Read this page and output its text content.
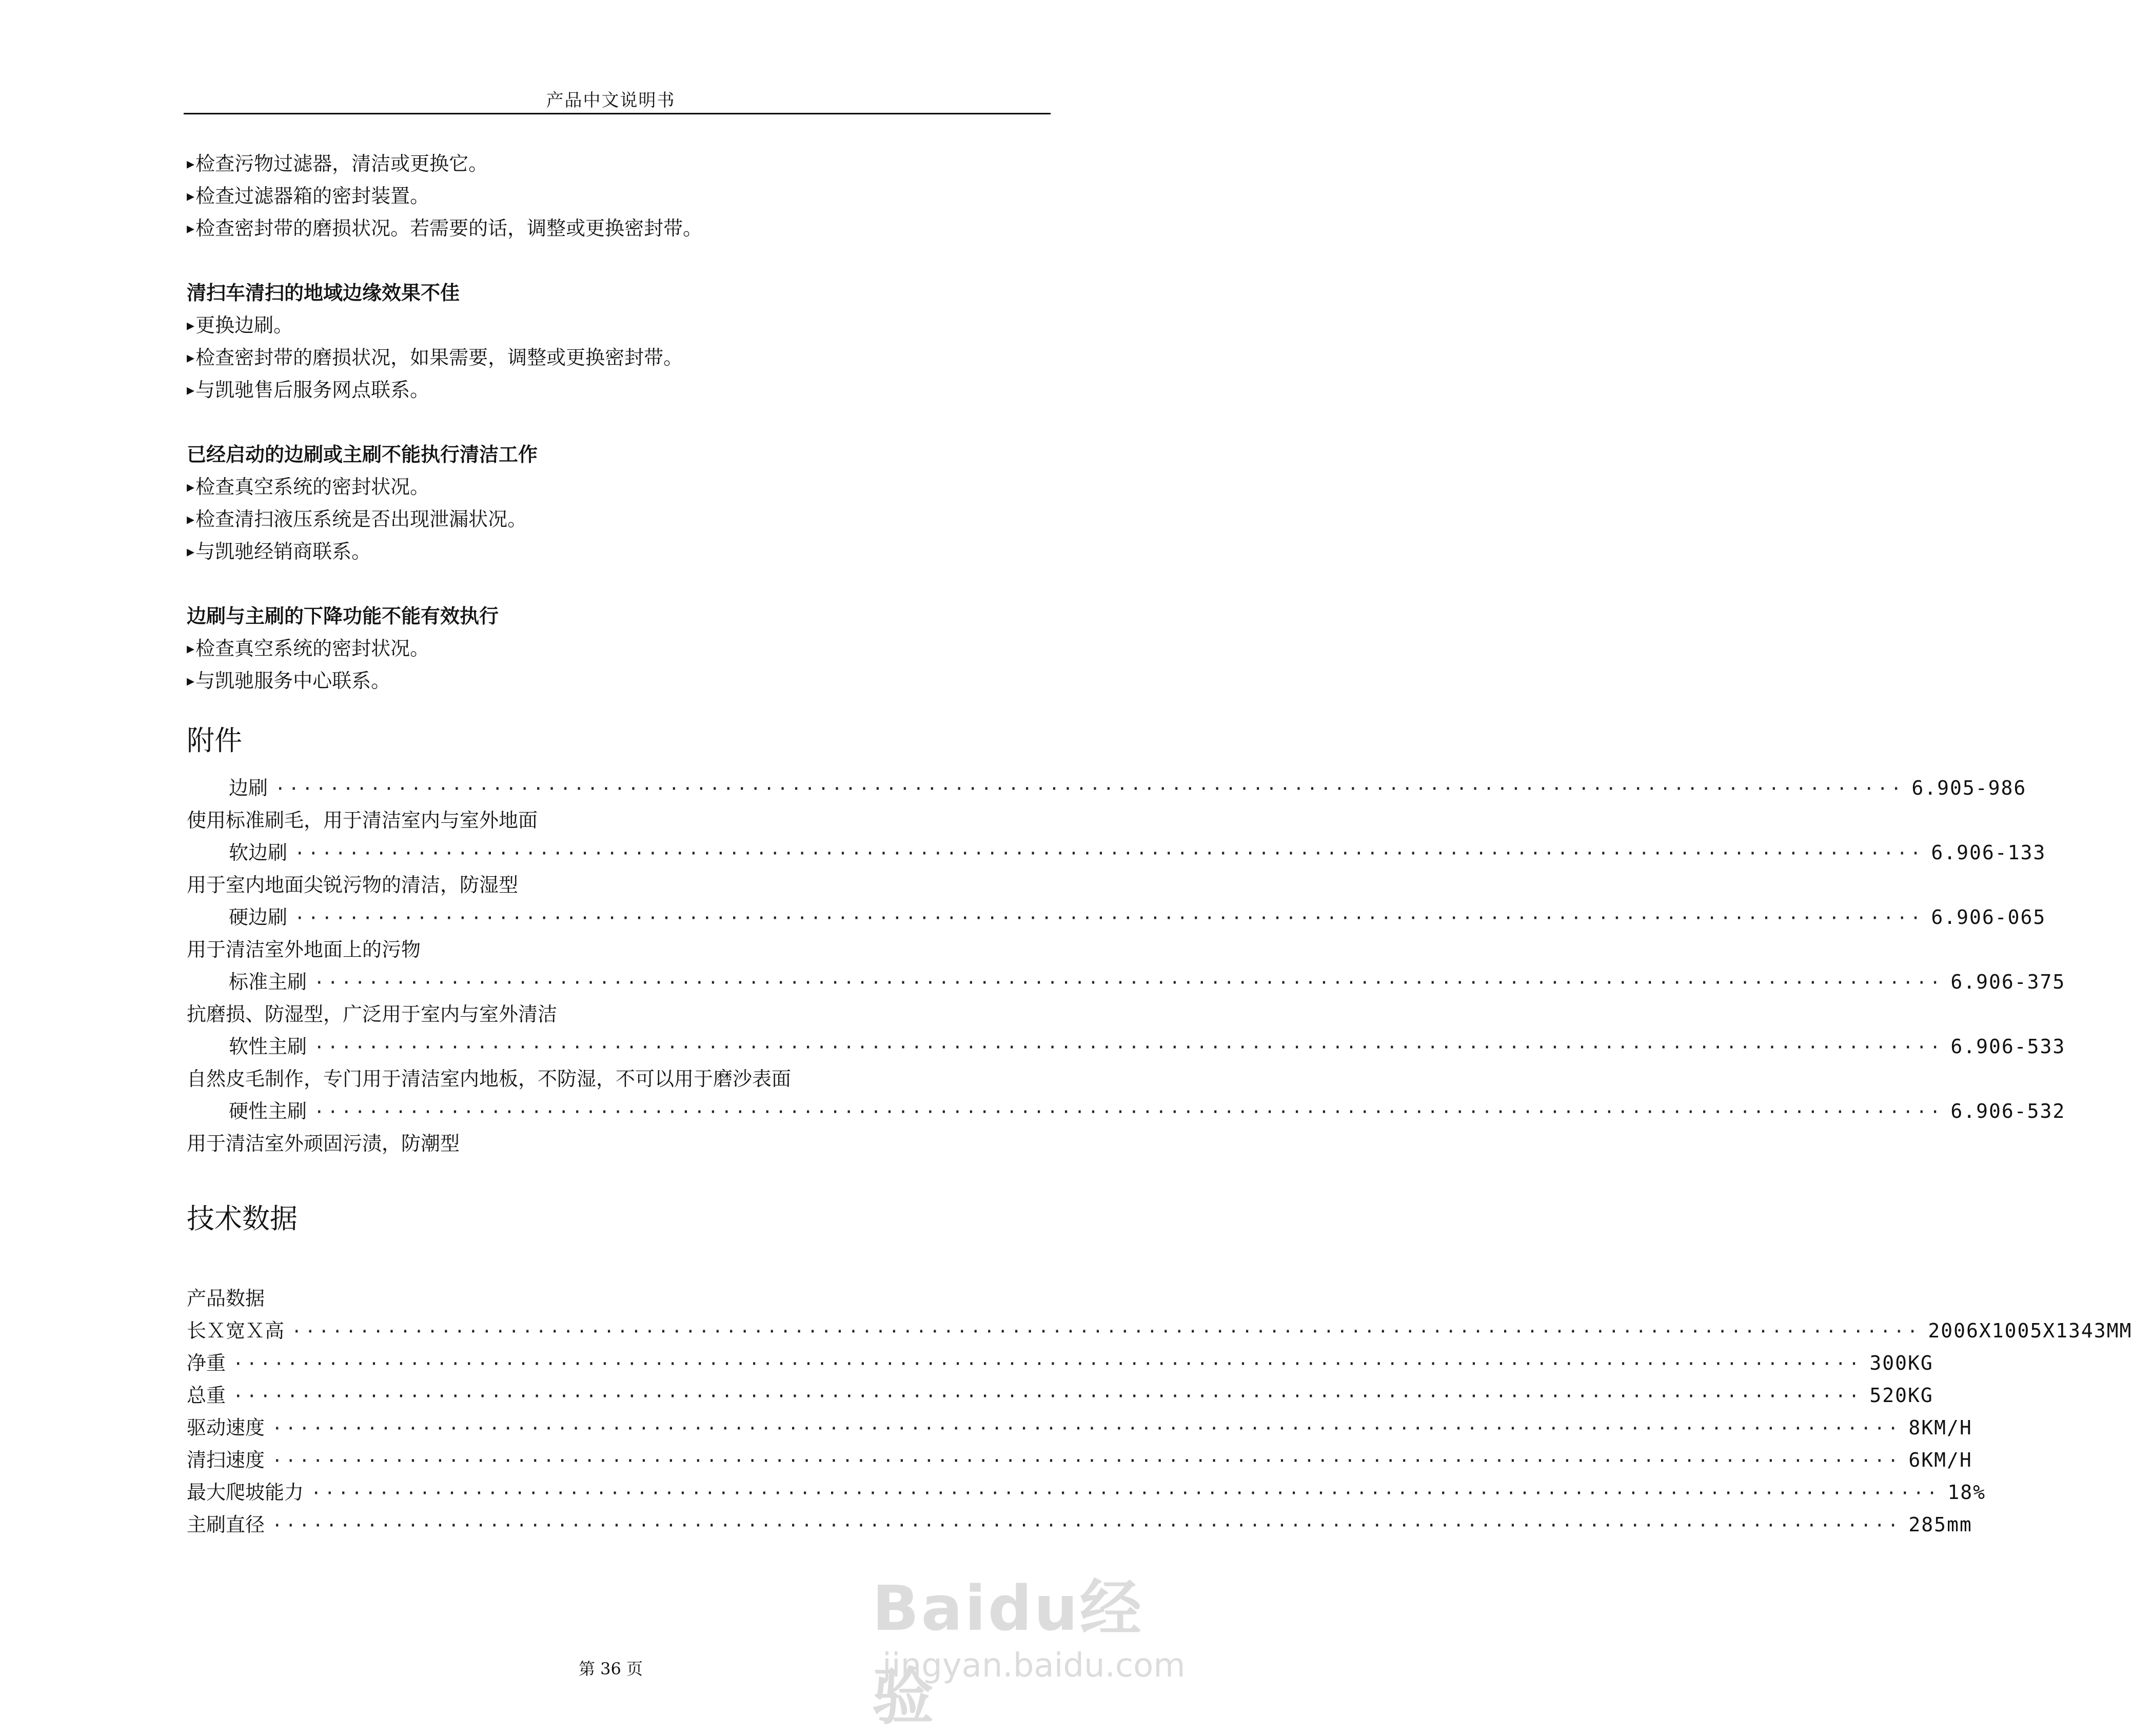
产品中文说明书
▸ 检查污物过滤器，清洁或更换它。
▸ 检查过滤器箱的密封装置。
▸ 检查密封带的磨损状况。若需要的话，调整或更换密封带。
清扫车清扫的地域边缘效果不佳
▸ 更换边刷。
▸ 检查密封带的磨损状况，如果需要，调整或更换密封带。
▸ 与凯驰售后服务网点联系。
已经启动的边刷或主刷不能执行清洁工作
▸ 检查真空系统的密封状况。
▸ 检查清扫液压系统是否出现泄漏状况。
▸ 与凯驰经销商联系。
边刷与主刷的下降功能不能有效执行
▸ 检查真空系统的密封状况。
▸ 与凯驰服务中心联系。
附件
边刷 ························································································································ 6.905-986
使用标准刷毛，用于清洁室内与室外地面
软边刷 ························································································································ 6.906-133
用于室内地面尖锐污物的清洁，防湿型
硬边刷 ························································································································ 6.906-065
用于清洁室外地面上的污物
标准主刷 ························································································································ 6.906-375
抗磨损、防湿型，广泛用于室内与室外清洁
软性主刷 ························································································································ 6.906-533
自然皮毛制作，专门用于清洁室内地板，不防湿，不可以用于磨沙表面
硬性主刷 ························································································································ 6.906-532
用于清洁室外顽固污渍，防潮型
技术数据
产品数据
长Ｘ宽Ｘ高 ························································································································ 2006X1005X1343MM
净重 ························································································································ 300KG
总重 ························································································································ 520KG
驱动速度 ························································································································ 8KM/H
清扫速度 ························································································································ 6KM/H
最大爬坡能力 ························································································································ 18%
主刷直径 ························································································································ 285mm
第 36 页
Baidu经验
jingyan.baidu.com
